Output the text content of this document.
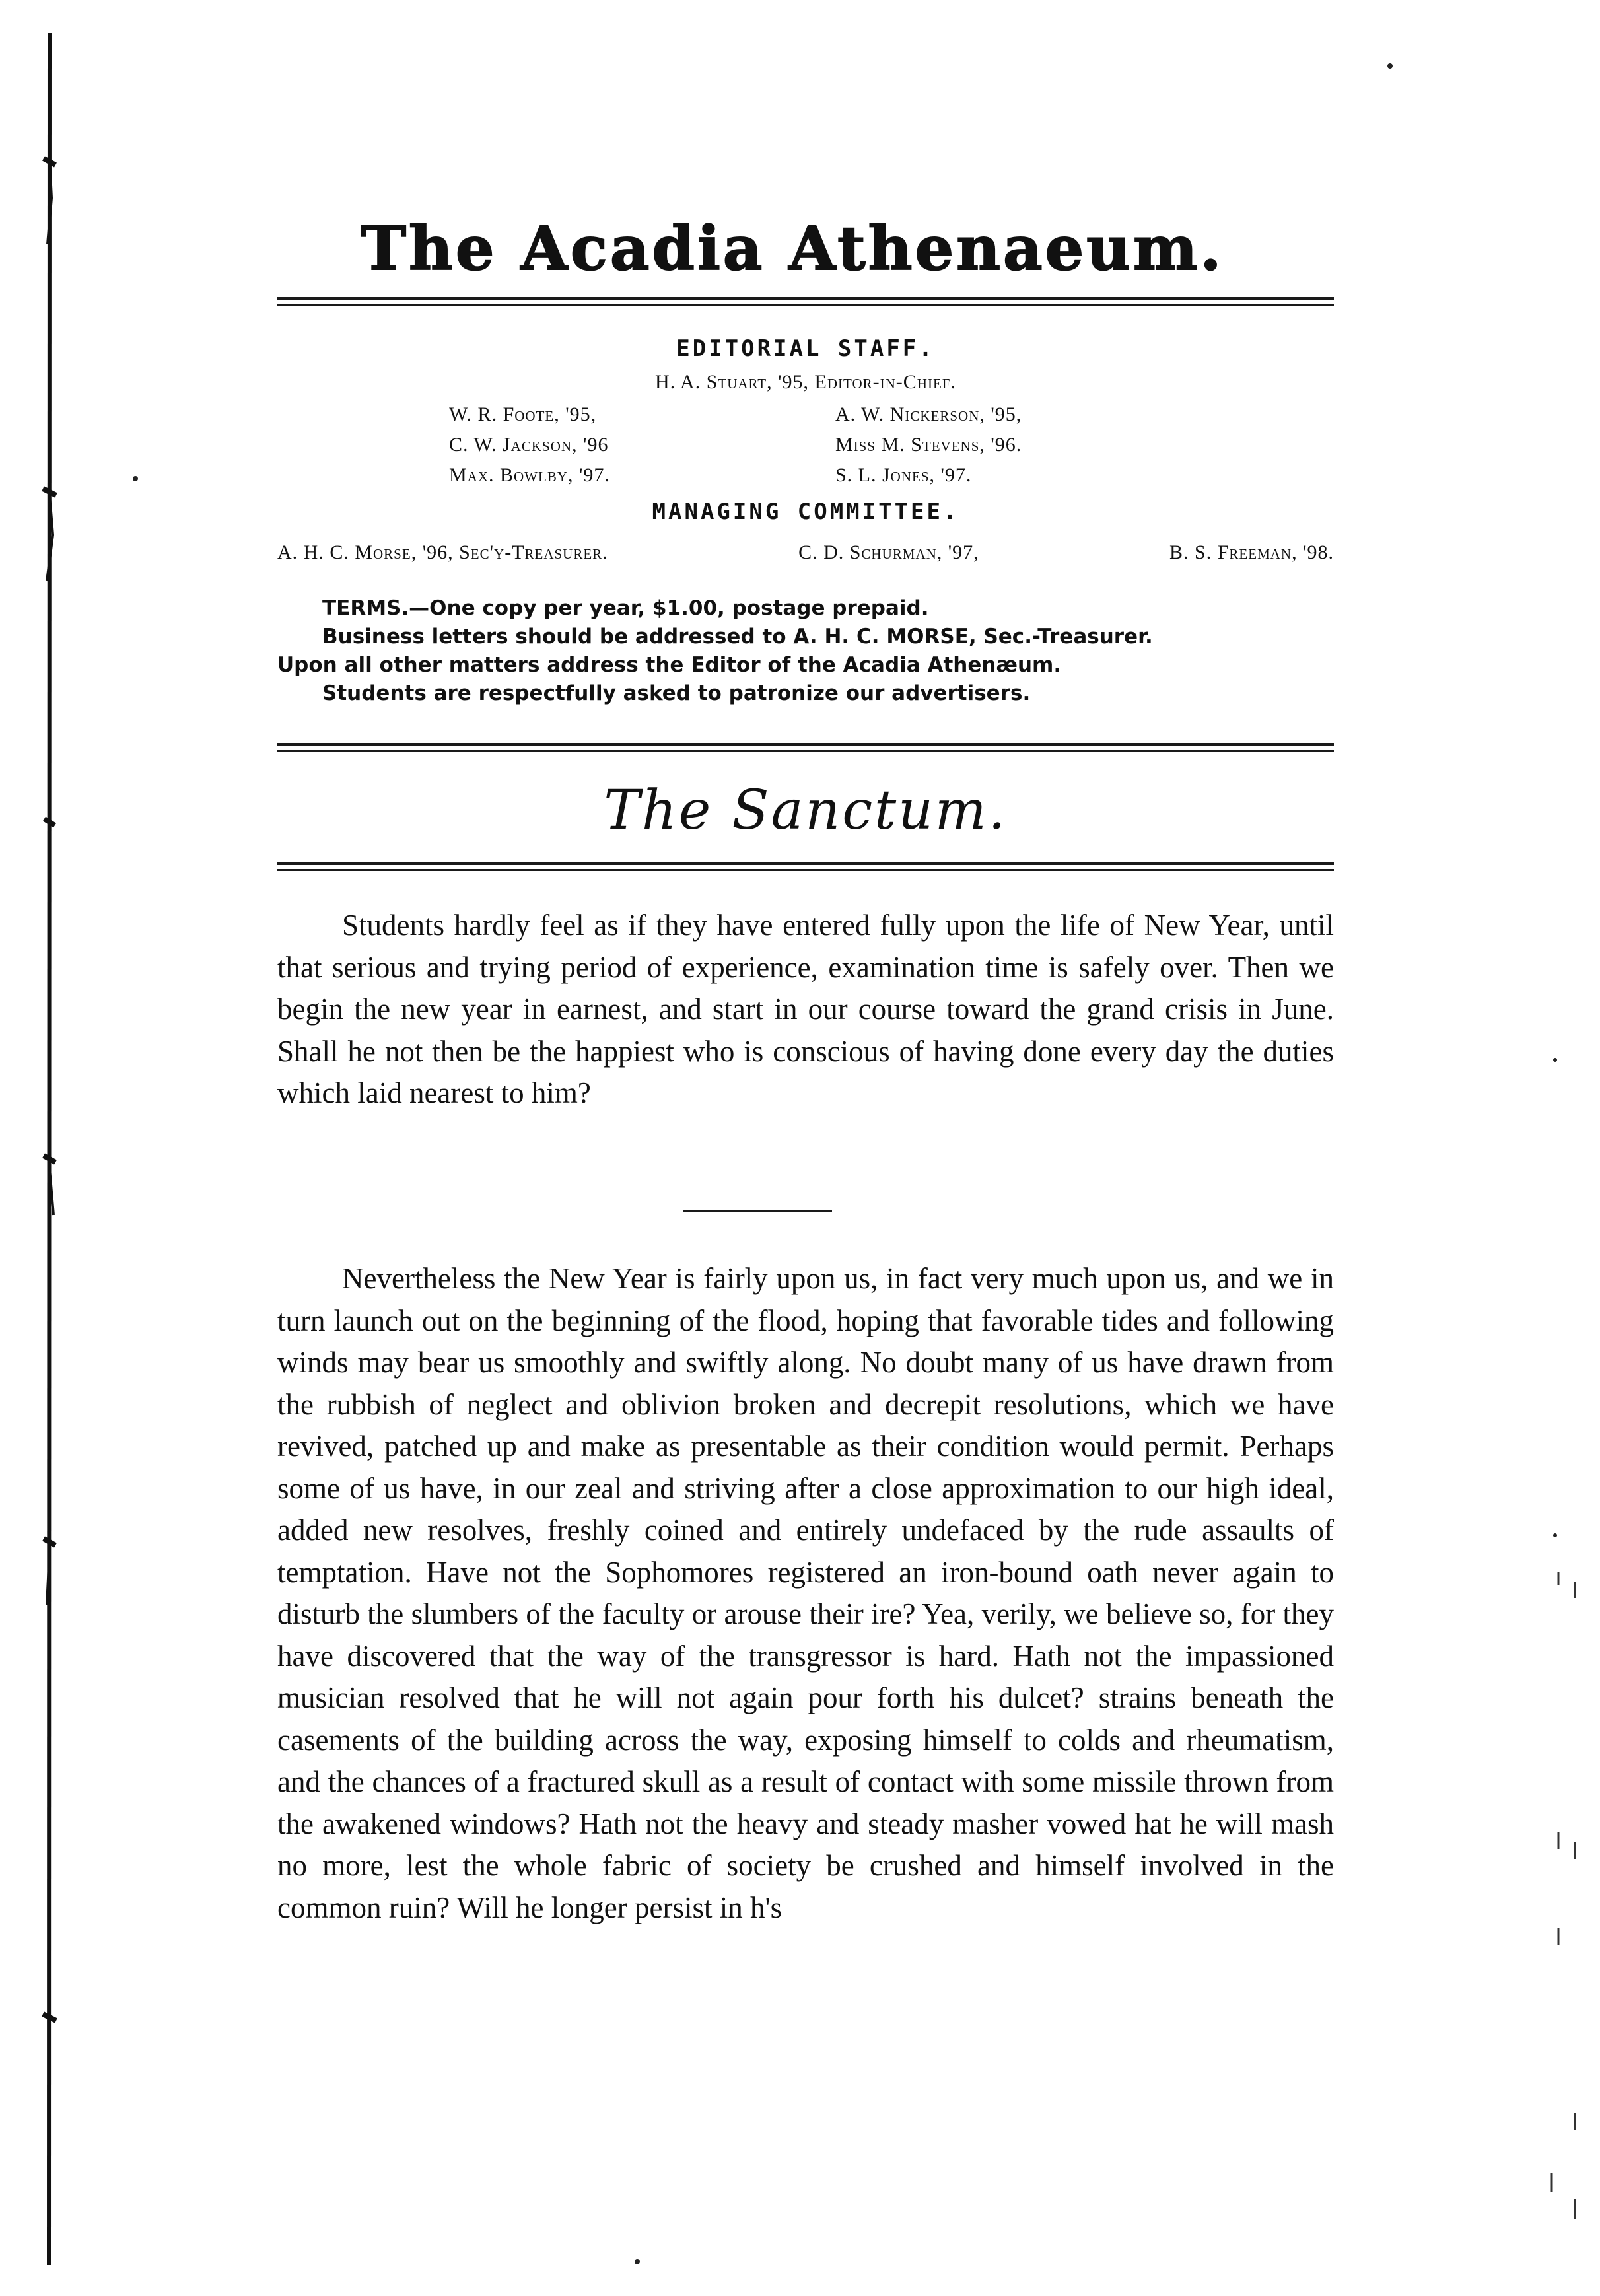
The Acadia Athenaeum.
EDITORIAL STAFF.
H. A. Stuart, '95, Editor-in-Chief.
W. R. Foote, '95,	A. W. Nickerson, '95,
C. W. Jackson, '96	Miss M. Stevens, '96.
Max. Bowlby, '97.	S. L. Jones, '97.
MANAGING COMMITTEE.
A. H. C. Morse, '96, Sec'y-Treasurer.	C. D. Schurman, '97,	B. S. Freeman, '98.
TERMS.—One copy per year, $1.00, postage prepaid.
Business letters should be addressed to A. H. C. MORSE, Sec.-Treasurer.
Upon all other matters address the Editor of the Acadia Athenæum.
Students are respectfully asked to patronize our advertisers.
The Sanctum.

Students hardly feel as if they have entered fully upon the life of New Year, until that serious and trying period of experience, examination time is safely over. Then we begin the new year in earnest, and start in our course toward the grand crisis in June. Shall he not then be the happiest who is conscious of having done every day the duties which laid nearest to him?

Nevertheless the New Year is fairly upon us, in fact very much upon us, and we in turn launch out on the beginning of the flood, hoping that favorable tides and following winds may bear us smoothly and swiftly along. No doubt many of us have drawn from the rubbish of neglect and oblivion broken and decrepit resolutions, which we have revived, patched up and make as presentable as their condition would permit. Perhaps some of us have, in our zeal and striving after a close approximation to our high ideal, added new resolves, freshly coined and entirely undefaced by the rude assaults of temptation. Have not the Sophomores registered an iron-bound oath never again to disturb the slumbers of the faculty or arouse their ire? Yea, verily, we believe so, for they have discovered that the way of the transgressor is hard. Hath not the impassioned musician resolved that he will not again pour forth his dulcet? strains beneath the casements of the building across the way, exposing himself to colds and rheumatism, and the chances of a fractured skull as a result of contact with some missile thrown from the awakened windows? Hath not the heavy and steady masher vowed hat he will mash no more, lest the whole fabric of society be crushed and himself involved in the common ruin? Will he longer persist in h's
